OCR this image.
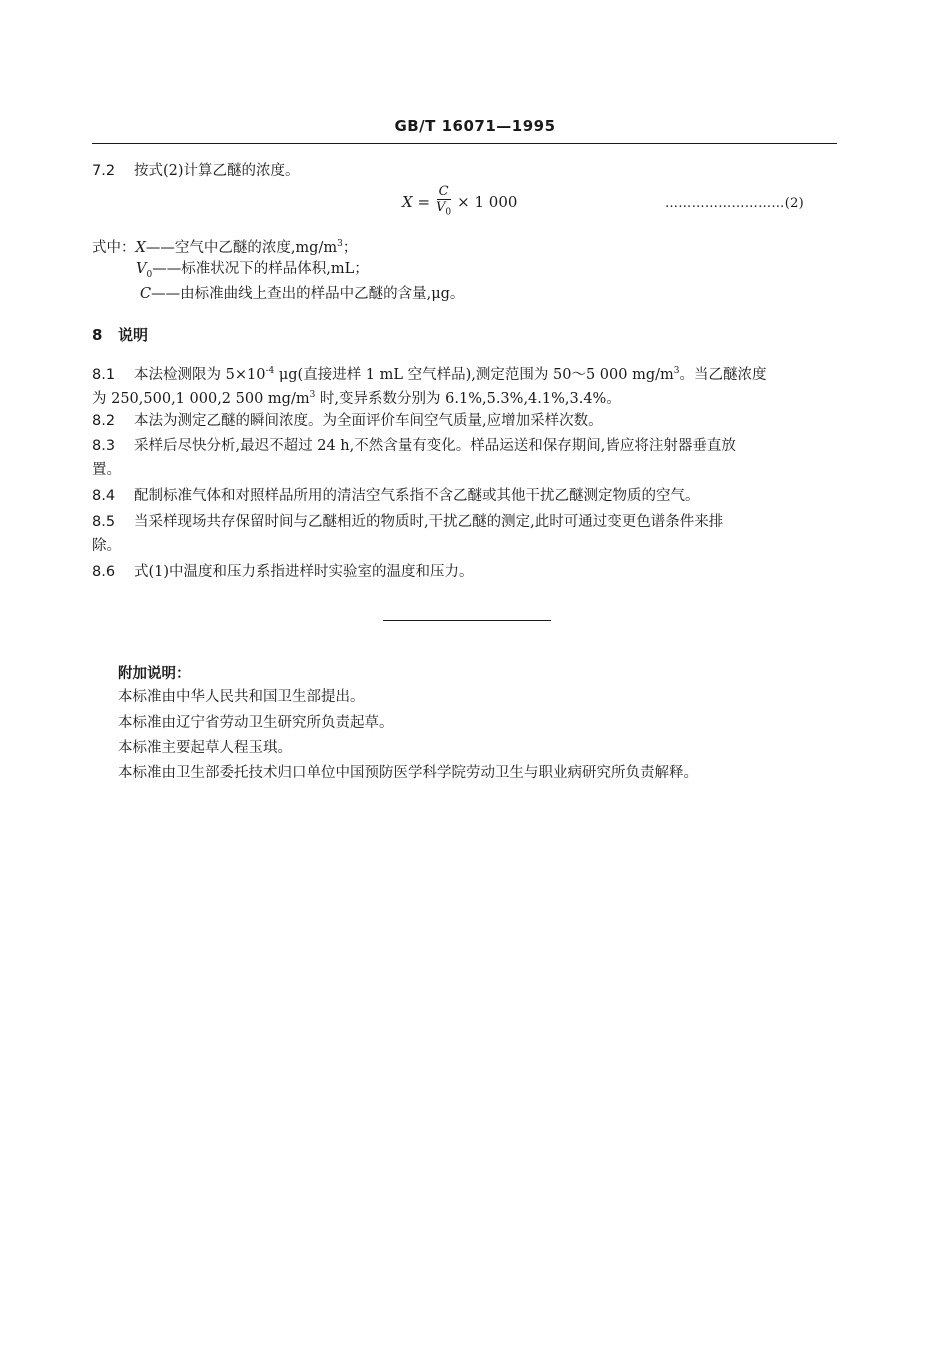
GB/T 16071—1995
7.2 按式(2)计算乙醚的浓度。
$X = \frac{C}{V_0} \times 1$ 000	………………………(2)
式中：X——空气中乙醚的浓度$,mg/m^3$；
$V_0——$标准状况下的样品体积,mL；
C——由标准曲线上查出的样品中乙醚的含量,μg。
8 说明
8.1 本法检测限为 $5\times 10^{-4}$ μg(直接进样 1 mL 空气样品),测定范围为 50～5 000 $mg/m^3$。当乙醚浓度
为 250,500,1 000,2 500 $mg/m^3$ 时,变异系数分别为 6.1%,5.3%,4.1%,3.4%。
8.2 本法为测定乙醚的瞬间浓度。为全面评价车间空气质量,应增加采样次数。
8.3 采样后尽快分析,最迟不超过 24 h,不然含量有变化。样品运送和保存期间,皆应将注射器垂直放
置。
8.4 配制标准气体和对照样品所用的清洁空气系指不含乙醚或其他干扰乙醚测定物质的空气。
8.5 当采样现场共存保留时间与乙醚相近的物质时,干扰乙醚的测定,此时可通过变更色谱条件来排
除。
8.6 式(1)中温度和压力系指进样时实验室的温度和压力。
附加说明：
本标准由中华人民共和国卫生部提出。
本标准由辽宁省劳动卫生研究所负责起草。
本标准主要起草人程玉琪。
本标准由卫生部委托技术归口单位中国预防医学科学院劳动卫生与职业病研究所负责解释。
